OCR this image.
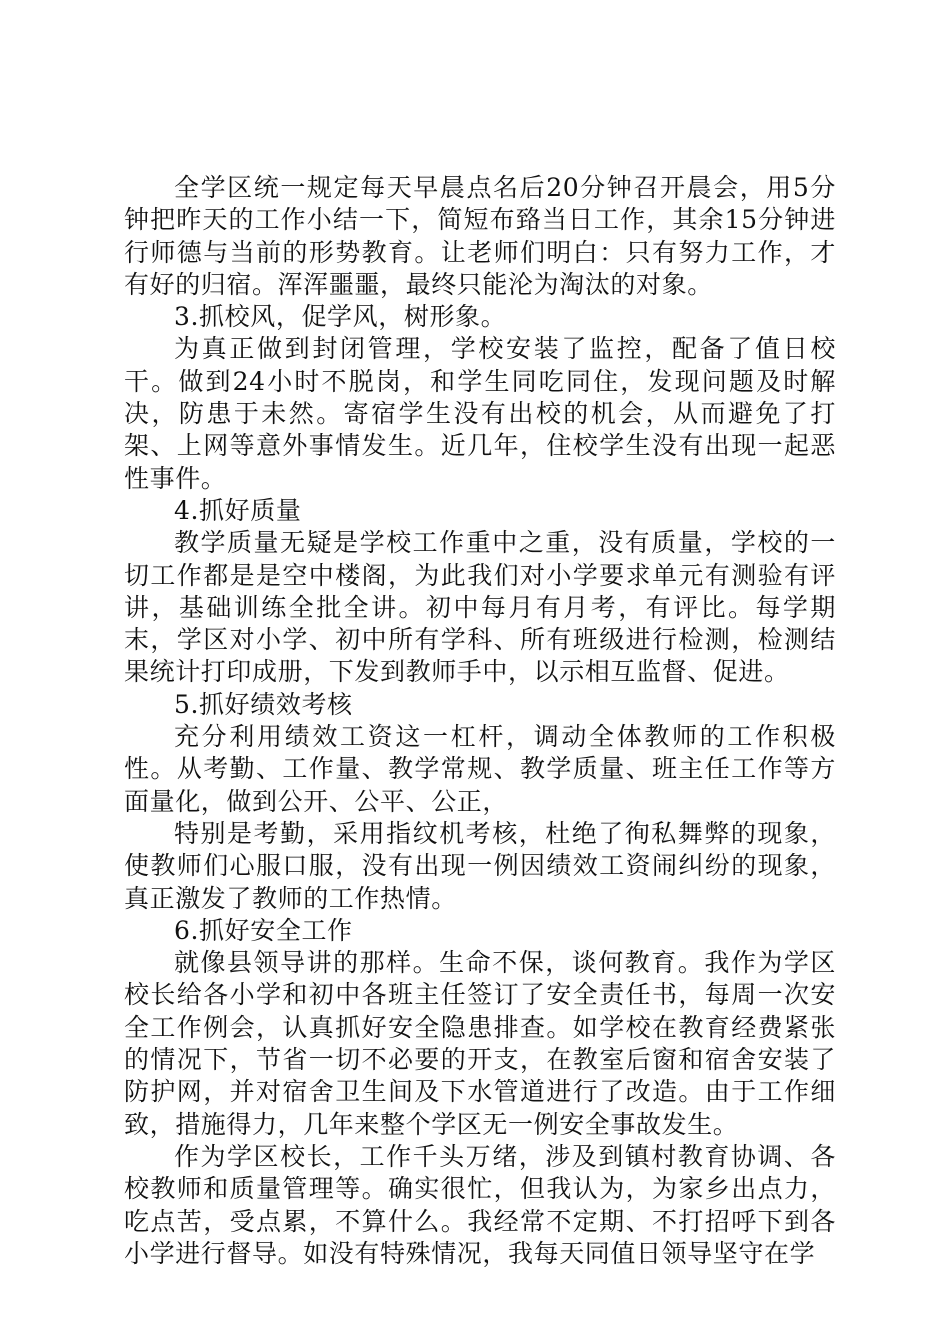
全学区统一规定每天早晨点名后20分钟召开晨会，用5分钟把昨天的工作小结一下，简短布臵当日工作，其余15分钟进行师德与当前的形势教育。让老师们明白：只有努力工作，才有好的归宿。浑浑噩噩，最终只能沦为淘汰的对象。

3.抓校风，促学风，树形象。

为真正做到封闭管理，学校安装了监控，配备了值日校干。做到24小时不脱岗，和学生同吃同住，发现问题及时解决，防患于未然。寄宿学生没有出校的机会，从而避免了打架、上网等意外事情发生。近几年，住校学生没有出现一起恶性事件。

4.抓好质量

教学质量无疑是学校工作重中之重，没有质量，学校的一切工作都是是空中楼阁，为此我们对小学要求单元有测验有评讲，基础训练全批全讲。初中每月有月考，有评比。每学期末，学区对小学、初中所有学科、所有班级进行检测，检测结果统计打印成册，下发到教师手中，以示相互监督、促进。

5.抓好绩效考核

充分利用绩效工资这一杠杆，调动全体教师的工作积极性。从考勤、工作量、教学常规、教学质量、班主任工作等方面量化，做到公开、公平、公正，

特别是考勤，采用指纹机考核，杜绝了徇私舞弊的现象，使教师们心服口服，没有出现一例因绩效工资闹纠纷的现象，真正激发了教师的工作热情。

6.抓好安全工作

就像县领导讲的那样。生命不保，谈何教育。我作为学区校长给各小学和初中各班主任签订了安全责任书，每周一次安全工作例会，认真抓好安全隐患排查。如学校在教育经费紧张的情况下，节省一切不必要的开支，在教室后窗和宿舍安装了防护网，并对宿舍卫生间及下水管道进行了改造。由于工作细致，措施得力，几年来整个学区无一例安全事故发生。

作为学区校长，工作千头万绪，涉及到镇村教育协调、各校教师和质量管理等。确实很忙，但我认为，为家乡出点力，吃点苦，受点累，不算什么。我经常不定期、不打招呼下到各小学进行督导。如没有特殊情况，我每天同值日领导坚守在学
